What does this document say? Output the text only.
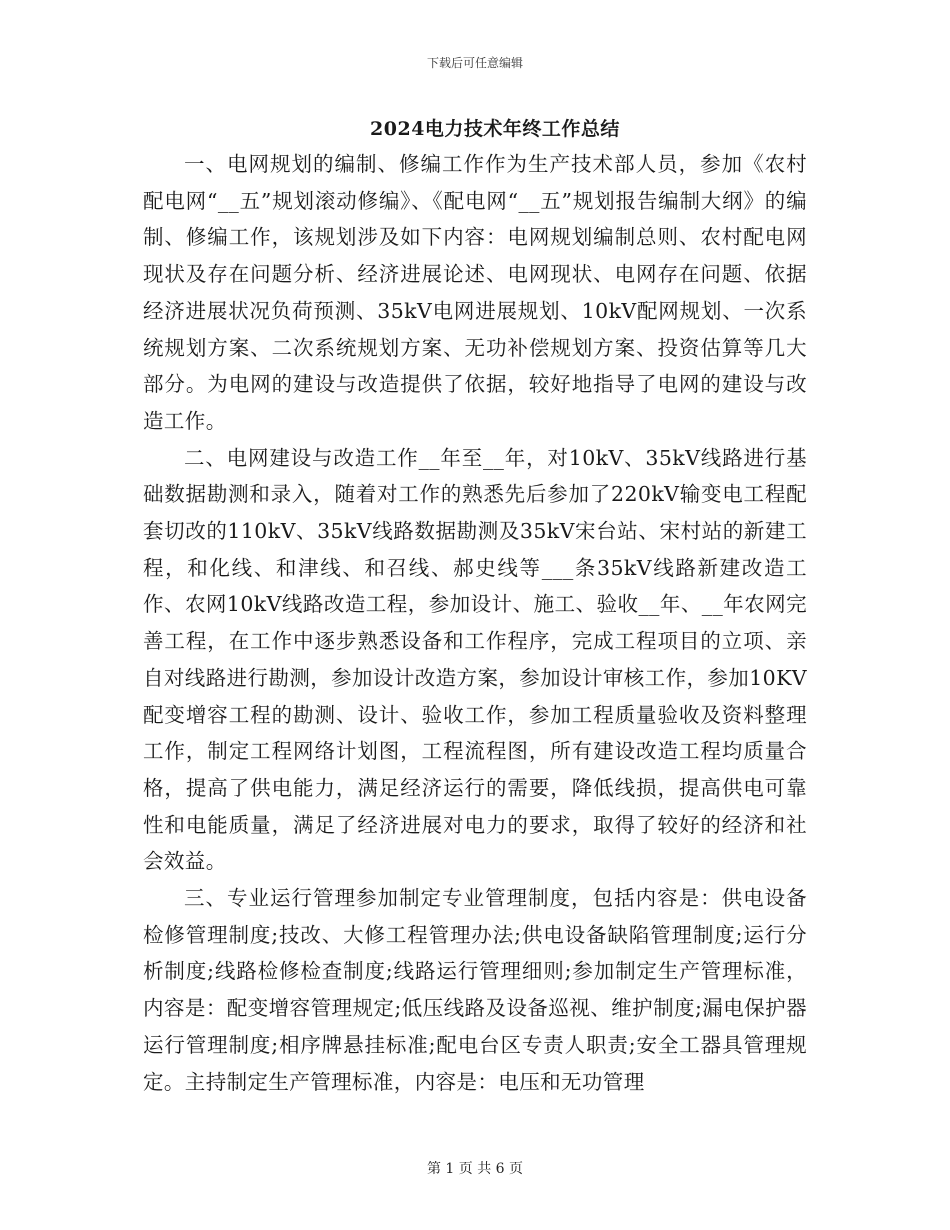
下载后可任意编辑
2024电力技术年终工作总结

一、电网规划的编制、修编工作作为生产技术部人员，参加《农村配电网“__五”规划滚动修编》、《配电网“__五”规划报告编制大纲》的编制、修编工作，该规划涉及如下内容：电网规划编制总则、农村配电网现状及存在问题分析、经济进展论述、电网现状、电网存在问题、依据经济进展状况负荷预测、35kV电网进展规划、10kV配网规划、一次系统规划方案、二次系统规划方案、无功补偿规划方案、投资估算等几大部分。为电网的建设与改造提供了依据，较好地指导了电网的建设与改造工作。

二、电网建设与改造工作__年至__年，对10kV、35kV线路进行基础数据勘测和录入，随着对工作的熟悉先后参加了220kV输变电工程配套切改的110kV、35kV线路数据勘测及35kV宋台站、宋村站的新建工程，和化线、和津线、和召线、郝史线等___条35kV线路新建改造工作、农网10kV线路改造工程，参加设计、施工、验收__年、__年农网完善工程，在工作中逐步熟悉设备和工作程序，完成工程项目的立项、亲自对线路进行勘测，参加设计改造方案，参加设计审核工作，参加10KV配变增容工程的勘测、设计、验收工作，参加工程质量验收及资料整理工作，制定工程网络计划图，工程流程图，所有建设改造工程均质量合格，提高了供电能力，满足经济运行的需要，降低线损，提高供电可靠性和电能质量，满足了经济进展对电力的要求，取得了较好的经济和社会效益。

三、专业运行管理参加制定专业管理制度，包括内容是：供电设备检修管理制度;技改、大修工程管理办法;供电设备缺陷管理制度;运行分析制度;线路检修检查制度;线路运行管理细则;参加制定生产管理标准，内容是：配变增容管理规定;低压线路及设备巡视、维护制度;漏电保护器运行管理制度;相序牌悬挂标准;配电台区专责人职责;安全工器具管理规定。主持制定生产管理标准，内容是：电压和无功管理

第 1 页 共 6 页
